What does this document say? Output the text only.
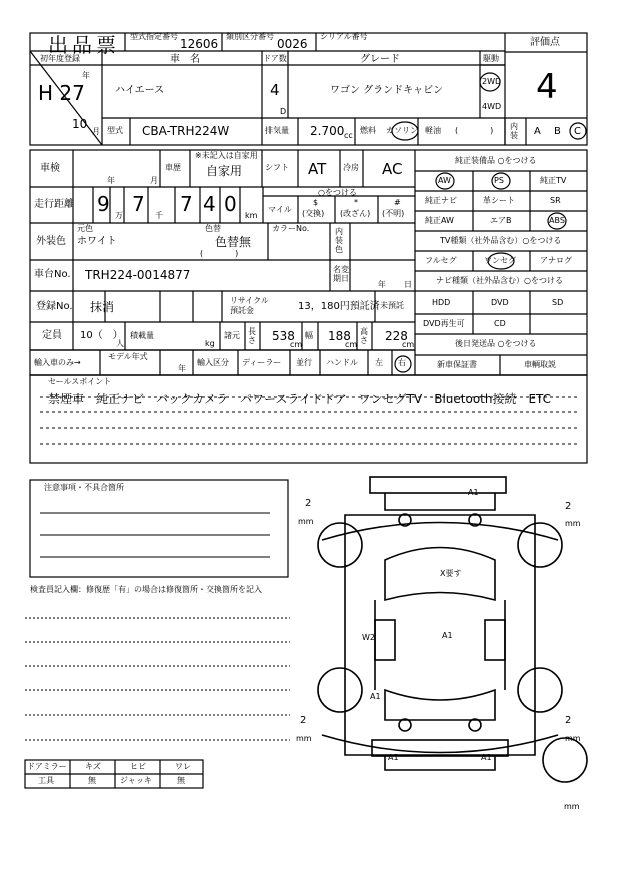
出品票 型式指定番号
12606
類別区分番号
0026
シリアル番号
評価点
4
初年度登録
H 27
年
10
月
車　名
ハイエース
ドア数
4
D
グレード
ワゴン グランドキャビン
駆動
2WD
4WD
型式 CBA-TRH224W	排気量 2.700 cc
燃料 ガソリン 軽油 (　　　　) 内装 A B C
車検
年	月
車歴
※未記入は自家用
自家用	シフト AT 冷房 AC
走行距離 9 万 7 千 7 4 0 km
○をつける
マイル
$
(交換)
*
(改ざん)
#
(不明)
外装色
元色
ホワイト
色替
色替無
(　　　　)
カラーNo.	内装色
車台No. TRH224-0014877	名変期日
年 日
登録No. 抹消	リサイクル預託金	13，180円預託済 未預託
定員 10（　）
人
積載量
kg
諸元 長さ 538
cm
幅 188
cm
高さ 228
cm
輸入車のみ→
モデル年式
年
輸入区分 ディーラー 並行 ハンドル 左 右
純正装備品 ○をつける
AW	PS	純正TV
純正ナビ	革シート	SR
純正AW	エアB	ABS
TV種類（社外品含む）○をつける
フルセグ	ワンセグ	アナログ
ナビ種類（社外品含む）○をつける
HDD	DVD	SD
DVD再生可	CD
後日発送品 ○をつける
新車保証書	車輌取説
セールスポイント
禁煙車　純正ナビ　バックカメラ　パワースライドドア　ワンセグTV　Bluetooth接続　ETC
注意事項・不具合箇所
検査員記入欄：修復歴「有」の場合は修復箇所・交換箇所を記入
ドアミラー キズ	ヒビ	ワレ
工具	無	ジャッキ	無
2
mm
2
mm
2
mm
2
mm
mm
A1
X要す
W2	A1
A1
A1	A1
